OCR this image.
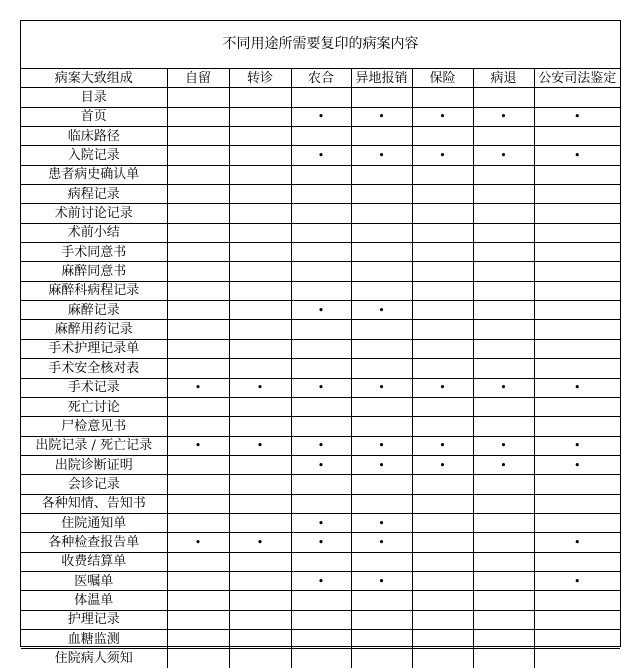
不同用途所需要复印的病案内容
病案大致组成	自留	转诊	农合	异地报销	保险	病退	公安司法鉴定
目录							
首页			•	•	•	•	•
临床路径							
入院记录			•	•	•	•	•
患者病史确认单							
病程记录							
术前讨论记录							
术前小结							
手术同意书							
麻醉同意书							
麻醉科病程记录							
麻醉记录			•	•			
麻醉用药记录							
手术护理记录单							
手术安全核对表							
手术记录	•	•	•	•	•	•	•
死亡讨论							
尸检意见书							
出院记录 / 死亡记录	•	•	•	•	•	•	•
出院诊断证明			•	•	•	•	•
会诊记录							
各种知情、告知书							
住院通知单			•	•			
各种检查报告单	•	•	•	•			•
收费结算单							
医嘱单			•	•			•
体温单							
护理记录							
血糖监测							
住院病人须知							
